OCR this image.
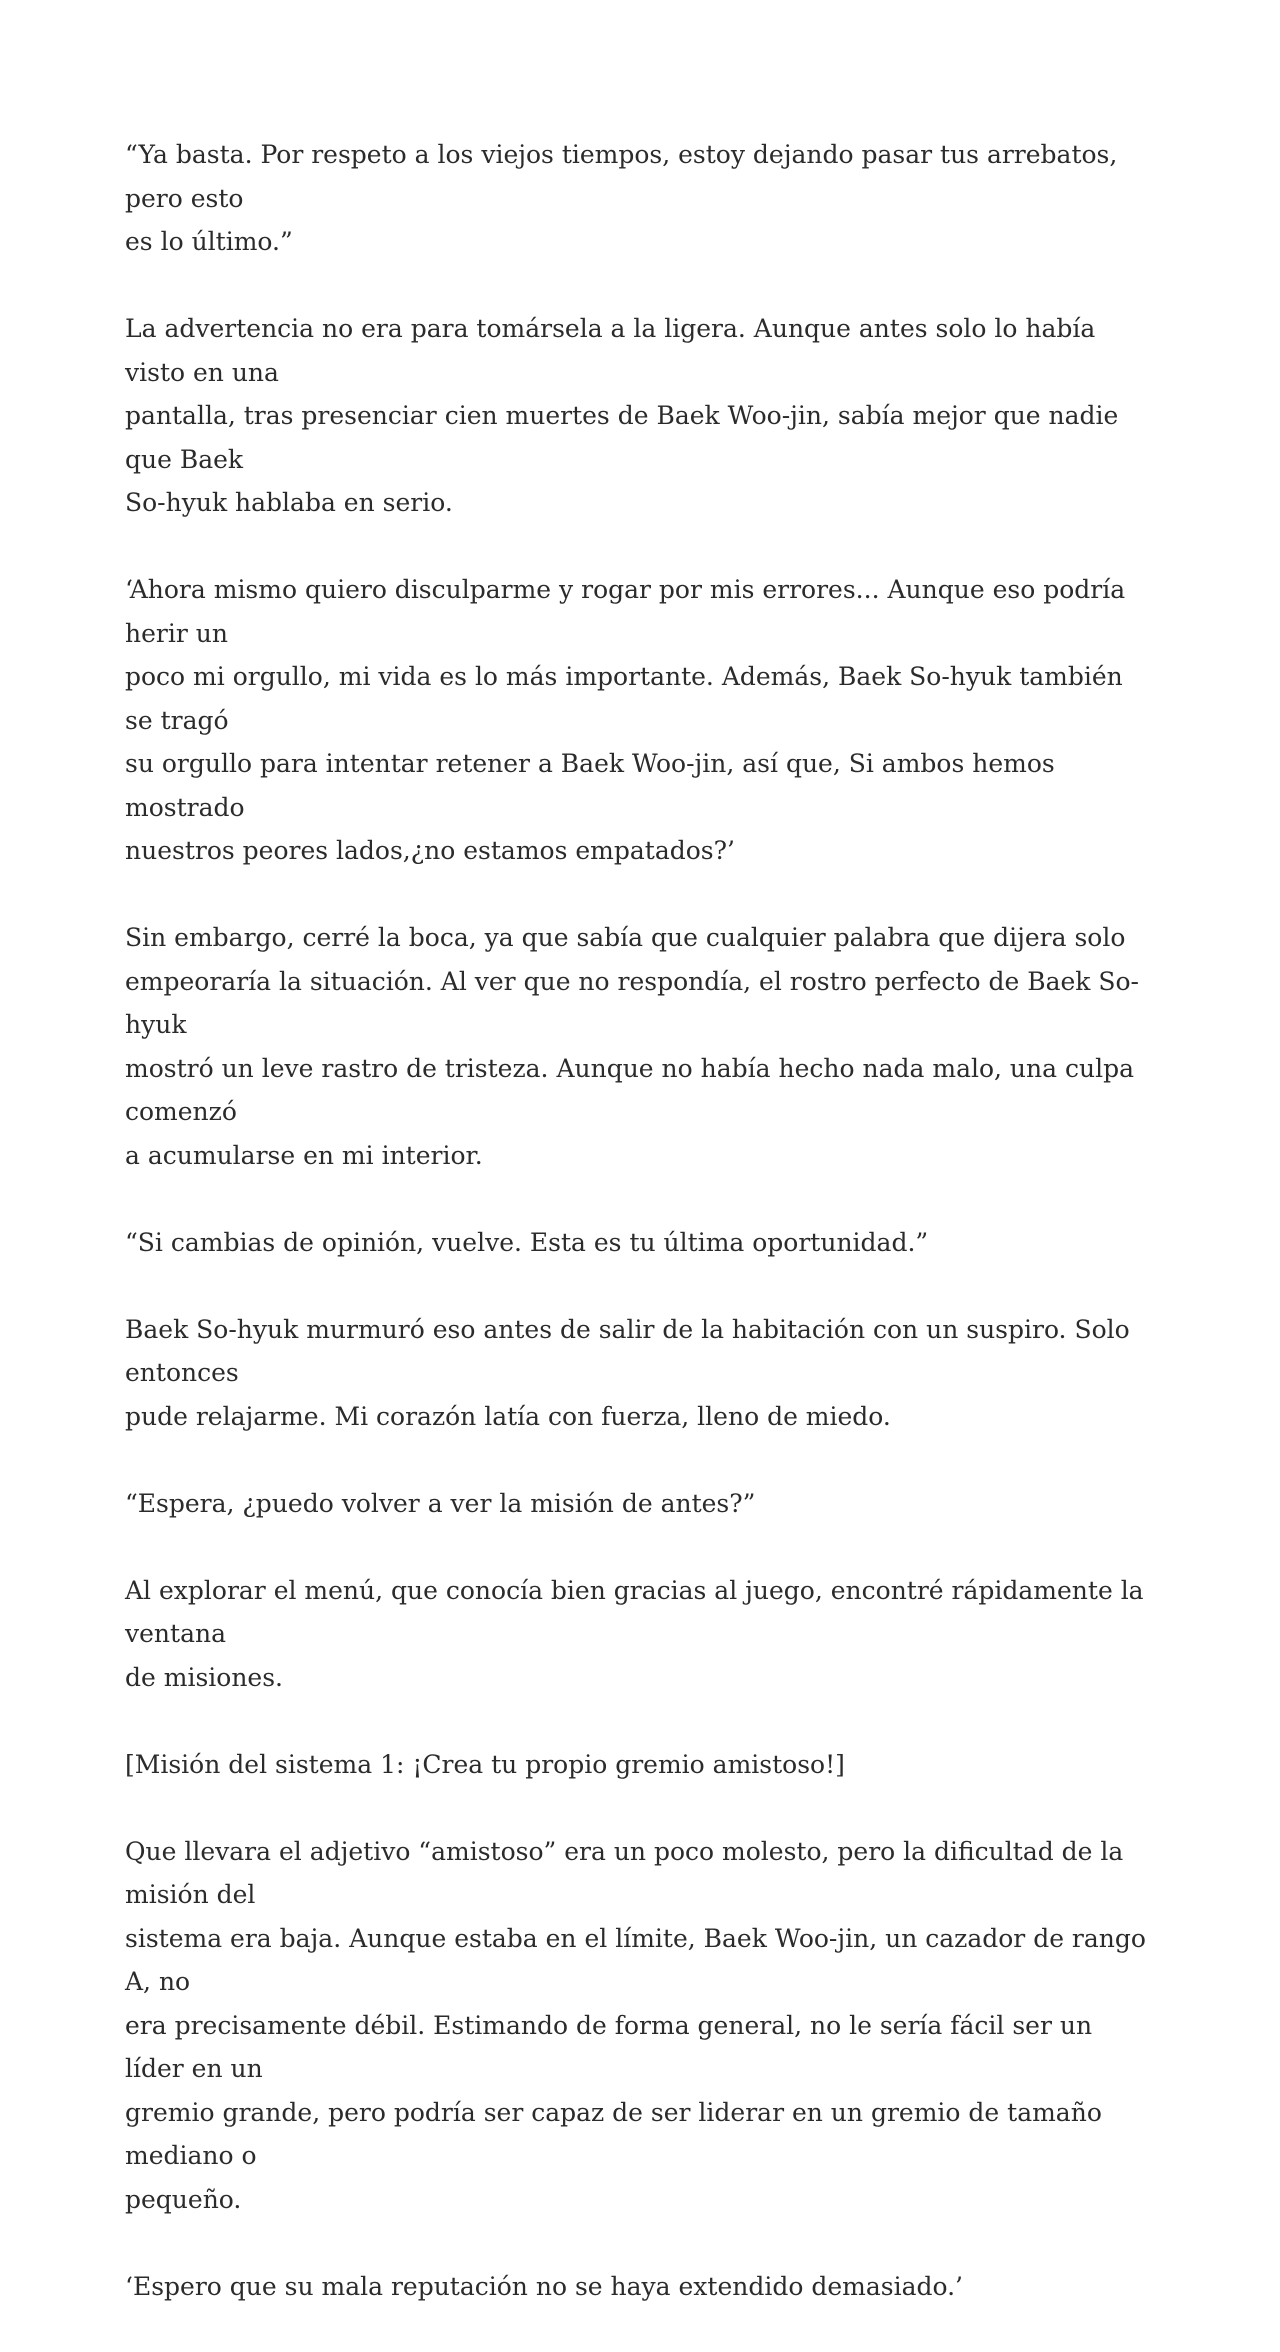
“Ya basta. Por respeto a los viejos tiempos, estoy dejando pasar tus arrebatos, pero esto
es lo último.”

La advertencia no era para tomársela a la ligera. Aunque antes solo lo había visto en una
pantalla, tras presenciar cien muertes de Baek Woo-jin, sabía mejor que nadie que Baek
So-hyuk hablaba en serio.

‘Ahora mismo quiero disculparme y rogar por mis errores... Aunque eso podría herir un
poco mi orgullo, mi vida es lo más importante. Además, Baek So-hyuk también se tragó
su orgullo para intentar retener a Baek Woo-jin, así que, Si ambos hemos mostrado
nuestros peores lados,¿no estamos empatados?’

Sin embargo, cerré la boca, ya que sabía que cualquier palabra que dijera solo
empeoraría la situación. Al ver que no respondía, el rostro perfecto de Baek So-hyuk
mostró un leve rastro de tristeza. Aunque no había hecho nada malo, una culpa comenzó
a acumularse en mi interior.

“Si cambias de opinión, vuelve. Esta es tu última oportunidad.”

Baek So-hyuk murmuró eso antes de salir de la habitación con un suspiro. Solo entonces
pude relajarme. Mi corazón latía con fuerza, lleno de miedo.

“Espera, ¿puedo volver a ver la misión de antes?”

Al explorar el menú, que conocía bien gracias al juego, encontré rápidamente la ventana
de misiones.

[Misión del sistema 1: ¡Crea tu propio gremio amistoso!]

Que llevara el adjetivo “amistoso” era un poco molesto, pero la dificultad de la misión del
sistema era baja. Aunque estaba en el límite, Baek Woo-jin, un cazador de rango A, no
era precisamente débil. Estimando de forma general, no le sería fácil ser un líder en un
gremio grande, pero podría ser capaz de ser liderar en un gremio de tamaño mediano o
pequeño.

‘Espero que su mala reputación no se haya extendido demasiado.’
